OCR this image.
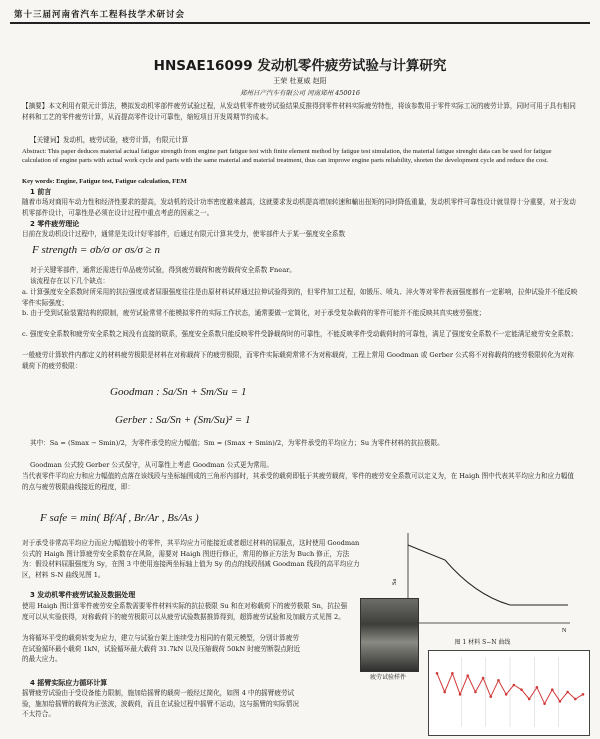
第十三届河南省汽车工程科技学术研讨会
HNSAE16099 发动机零件疲劳试验与计算研究
王荣 杜夏威 赵阳
郑州日产汽车有限公司 河南郑州 450016
【摘要】本文利用有限元计算法，模拟发动机零部件疲劳试验过程，从发动机零件疲劳试验结果反推得到零件材料实际疲劳特性，将该参数用于零件实际工况的疲劳计算，同时可用于具有相同材料和工艺的零件疲劳计算，从而提高零件设计可靠性，缩短项目开发周期节约成本。
【关键词】发动机，疲劳试验，疲劳计算，有限元计算
Abstract: This paper deduces material actual fatigue strength from engine part fatigue test with finite element method by fatigue test simulation, the material fatigue strenght data can be used for fatigue calculation of engine parts with actual work cycle and parts with the same material and material treatment, thus can improve engine parts reliability, shorten the development cycle and reduce the cost.
Key words: Engine, Fatigue test, Fatigue calculation, FEM
1 前言
随着市场对商用车动力性和经济性要求的提高，发动机的设计功率密度越来越高，这就要求发动机提高增加转速和輸出扭矩的同时降低重量，发动机零件可靠性设计就显得十分重要，对于发动机零部件设计，可靠性是必须在设计过程中重点考虑的因素之一。
2 零件疲劳理论
目前在发动机设计过程中，通常是先设计好零部件，后通过有限元计算其受力，使零部件大于某一强度安全系数
F strength = σb/σ or σs/σ ≥ n
对于关键零部件，通常还需进行单品疲劳试验，得到疲劳载荷和疲劳载荷安全系数 Fnear。
该流程存在以下几个缺点：
a. 计算强度安全系数时所采用的抗拉强度或者屈服强度往往是由原材料试样通过拉伸试验得到的，但零件加工过程，如锻压、喷丸、淬火等对零件表面强度都有一定影响，拉伸试验并不能反映零件实际强度；
b. 由于受到试验装置结构的限制，疲劳试验常常不能模拟零件的实际工作状态，通常要做一定简化，对于承受复杂载荷的零件可能并不能反映其真实疲劳强度；
c. 强度安全系数和疲劳安全系数之间没有直接的联系，强度安全系数只能反映零件受静载荷时的可靠性，不能反映零件受动载荷时的可靠性，满足了强度安全系数不一定能满足疲劳安全系数；
一般疲劳计算软件内都定义的材料疲劳极限是材料在对称载荷下的疲劳极限，而零件实际载荷常常不为对称载荷，工程上常用 Goodman 或 Gerber 公式将不对称载荷的疲劳极限转化为对称载荷下的疲劳极限：
Goodman : Sa/Sn + Sm/Su = 1
Gerber : Sa/Sn + (Sm/Su)² = 1
其中：Sa = (Smax − Smin)/2，为零件承受的应力幅值；Sm = (Smax + Smin)/2，为零件承受的平均应力；Su 为零件材料的抗拉极限。
Goodman 公式较 Gerber 公式保守，从可靠性上考虑 Goodman 公式更为常用。
当代表零件平均应力和应力幅值的点落在该线段与坐标轴围成的三角形内部时，其承受的载荷即低于其疲劳载荷，零件的疲劳安全系数可以定义为，在 Haigh 图中代表其平均应力和应力幅值的点与疲劳极限曲线接近的程度，即：
F safe = min( Bf/Af , Br/Ar , Bs/As )
对于承受非常高平均应力而应力幅值较小的零件，其平均应力可能接近或者超过材料的屈服点，这时使用 Goodman 公式的 Haigh 图计算疲劳安全系数存在风险，需要对 Haigh 图进行修正，常用的修正方法为 Buch 修正，方法为：假设材料屈服强度为 Sy，在图 3 中使用连接两坐标轴上值为 Sy 的点的线段削减 Goodman 线段的高平均应力区，材料 S-N 曲线见图 1。
3 发动机零件疲劳试验及数据处理
使用 Haigh 图计算零件疲劳安全系数需要零件材料实际的抗拉极限 Su 和在对称载荷下的疲劳极限 Sn，抗拉强度可以从实验获得，对称载荷下的疲劳极限可以从疲劳试验数据推算得到，超算疲劳试验和及加载方式见图 2。
为将循环平受的载荷转变为应力，建立与试验台架上连续受力相同的有限元模型，分别计算疲劳在试验循环最小载荷 1kN，试验循环最大载荷 31.7kN 以及压缩载荷 50kN 时疲劳断裂点附近的最大应力。
4 摇臂实际应力循环计算
摇臂疲劳试验由于受设备能力限制，施加给摇臂的载荷一般经过简化，如图 4 中的摇臂疲劳试验，施加给摇臂的载荷为正弦波，波载荷，而且在试验过程中摇臂不运动，这与摇臂的实际情况不太符合。
Sa
N
图 1 材料 S−N 曲线
疲劳试验样件
